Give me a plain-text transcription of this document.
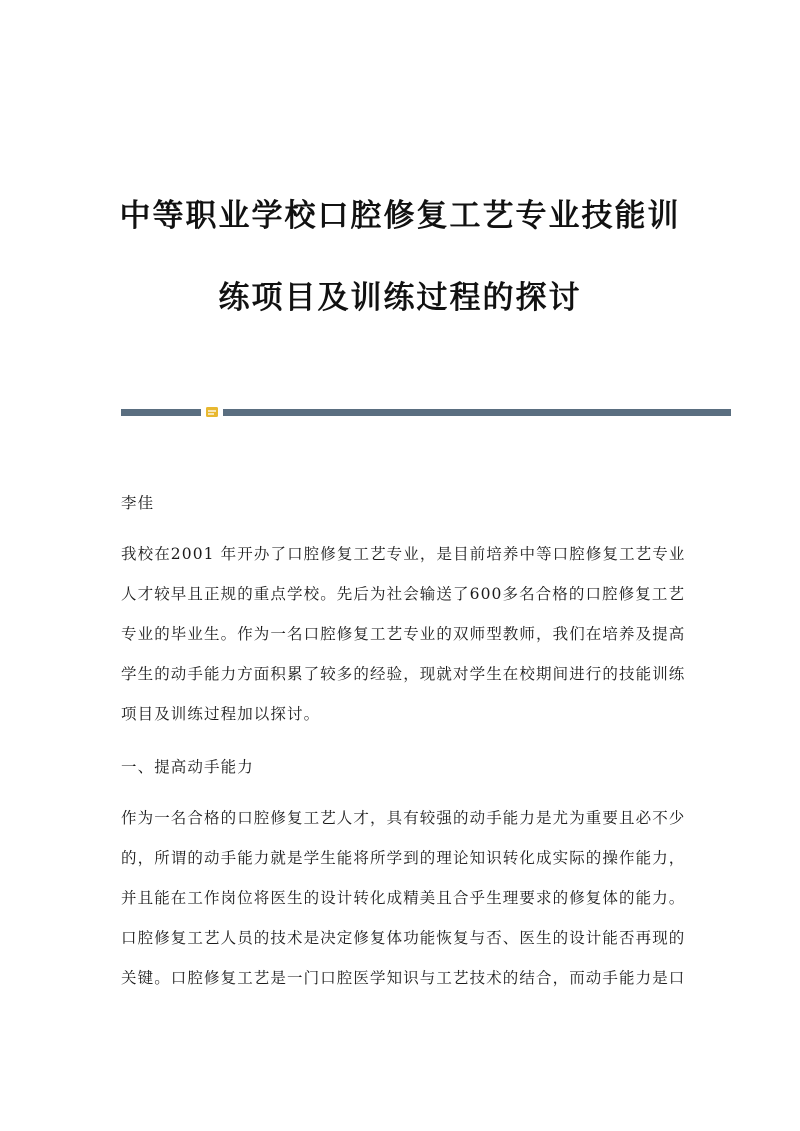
中等职业学校口腔修复工艺专业技能训
练项目及训练过程的探讨
李佳
我校在2001 年开办了口腔修复工艺专业，是目前培养中等口腔修复工艺专业
人才较早且正规的重点学校。先后为社会输送了600多名合格的口腔修复工艺
专业的毕业生。作为一名口腔修复工艺专业的双师型教师，我们在培养及提高
学生的动手能力方面积累了较多的经验，现就对学生在校期间进行的技能训练
项目及训练过程加以探讨。
一、提高动手能力
作为一名合格的口腔修复工艺人才，具有较强的动手能力是尤为重要且必不少
的，所谓的动手能力就是学生能将所学到的理论知识转化成实际的操作能力，
并且能在工作岗位将医生的设计转化成精美且合乎生理要求的修复体的能力。
口腔修复工艺人员的技术是决定修复体功能恢复与否、医生的设计能否再现的
关键。口腔修复工艺是一门口腔医学知识与工艺技术的结合，而动手能力是口
